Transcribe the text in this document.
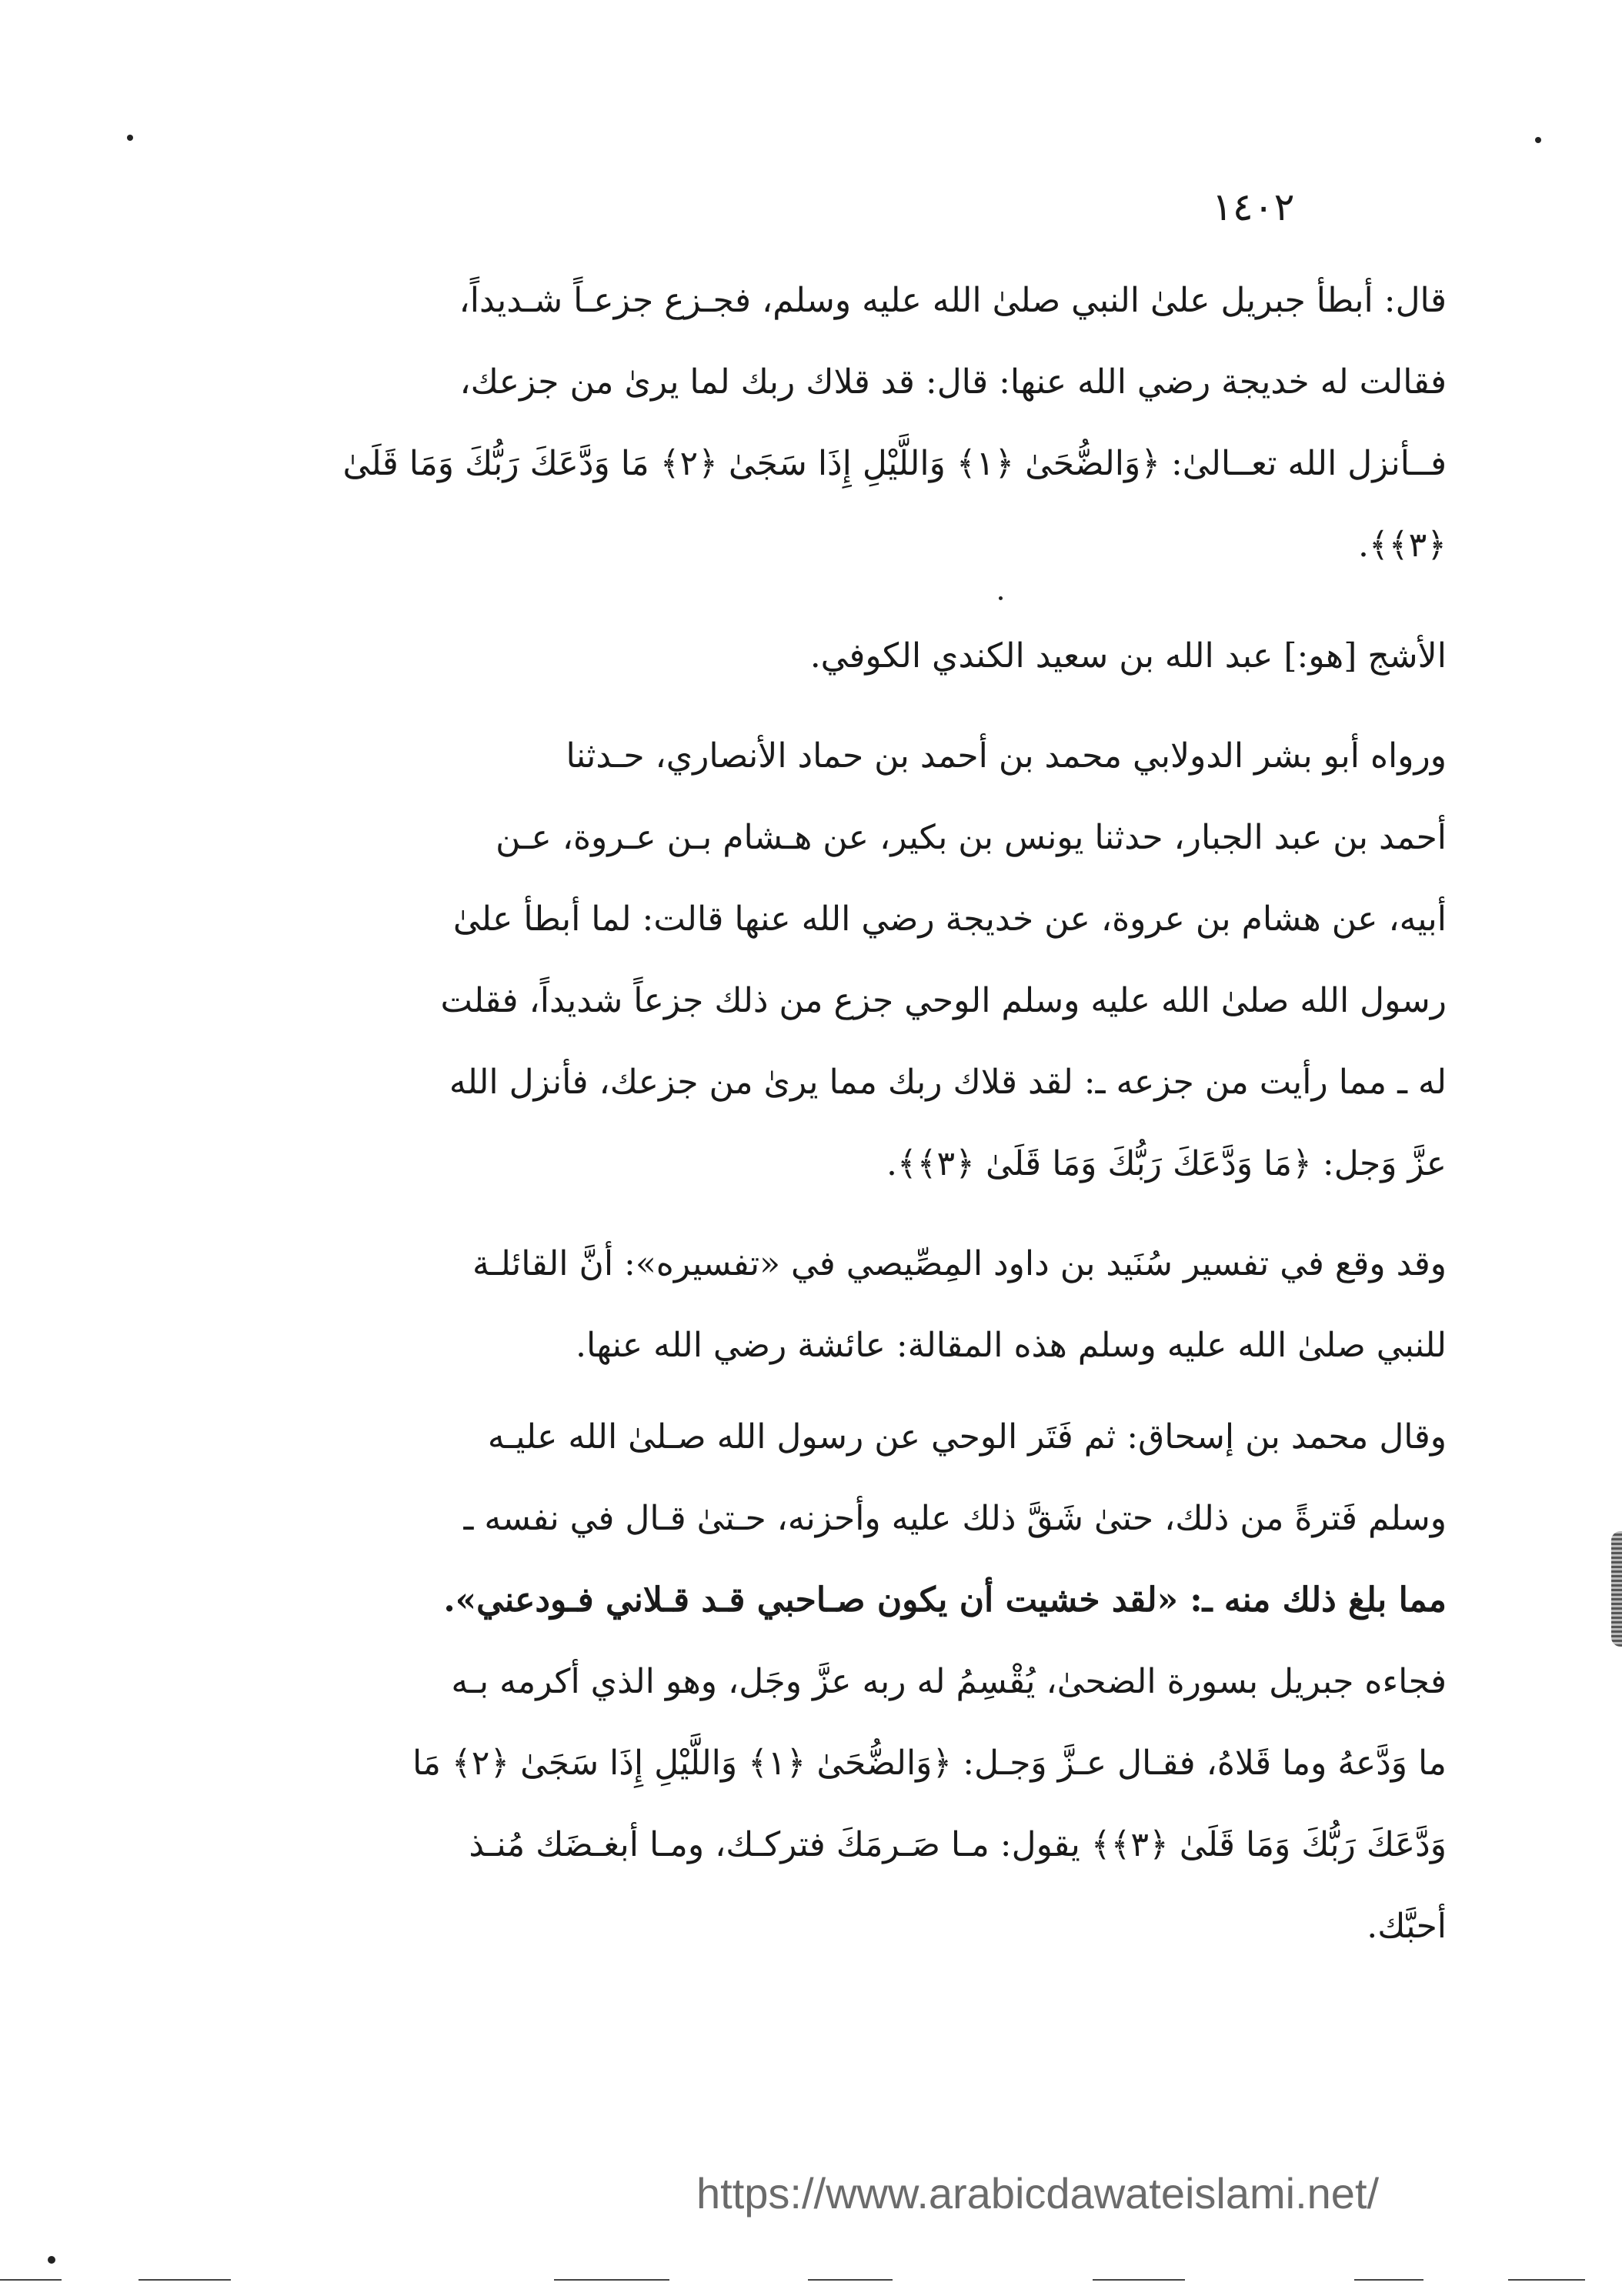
١٤٠٢
قال: أبطأ جبريل علىٰ النبي صلىٰ الله عليه وسلم، فجـزع جزعـاً شـديداً،
فقالت له خديجة رضي الله عنها: قال: قد قلاك ربك لما يرىٰ من جزعك،
فــأنزل الله تعــالىٰ: ﴿وَالضُّحَىٰ ﴿١﴾ وَاللَّيْلِ إِذَا سَجَىٰ ﴿٢﴾ مَا وَدَّعَكَ رَبُّكَ وَمَا قَلَىٰ
﴿٣﴾﴾.
الأشج [هو:] عبد الله بن سعيد الكندي الكوفي.
ورواه أبو بشر الدولابي محمد بن أحمد بن حماد الأنصاري، حـدثنا
أحمد بن عبد الجبار، حدثنا يونس بن بكير، عن هـشام بـن عـروة، عـن
أبيه، عن هشام بن عروة، عن خديجة رضي الله عنها قالت: لما أبطأ علىٰ
رسول الله صلىٰ الله عليه وسلم الوحي جزع من ذلك جزعاً شديداً، فقلت
له ـ مما رأيت من جزعه ـ: لقد قلاك ربك مما يرىٰ من جزعك، فأنزل الله
عزَّ وَجل: ﴿مَا وَدَّعَكَ رَبُّكَ وَمَا قَلَىٰ ﴿٣﴾﴾.
وقد وقع في تفسير سُنَيد بن داود المِصِّيصي في «تفسيره»: أنَّ القائلـة
للنبي صلىٰ الله عليه وسلم هذه المقالة: عائشة رضي الله عنها.
وقال محمد بن إسحاق: ثم فَتَر الوحي عن رسول الله صـلىٰ الله عليـه
وسلم فَترةً من ذلك، حتىٰ شَقَّ ذلك عليه وأحزنه، حـتىٰ قـال في نفسه ـ
مما بلغ ذلك منه ـ: «لقد خشيت أن يكون صـاحبي قـد قـلاني فـودعني».
فجاءه جبريل بسورة الضحىٰ، يُقْسِمُ له ربه عزَّ وجَل، وهو الذي أكرمه بـه
ما وَدَّعهُ وما قَلاهُ، فقـال عـزَّ وَجـل: ﴿وَالضُّحَىٰ ﴿١﴾ وَاللَّيْلِ إِذَا سَجَىٰ ﴿٢﴾ مَا
وَدَّعَكَ رَبُّكَ وَمَا قَلَىٰ ﴿٣﴾﴾ يقول: مـا صَـرمَكَ فتركـك، ومـا أبغـضَك مُنـذ
أحبَّك.
https://www.arabicdawateislami.net/
